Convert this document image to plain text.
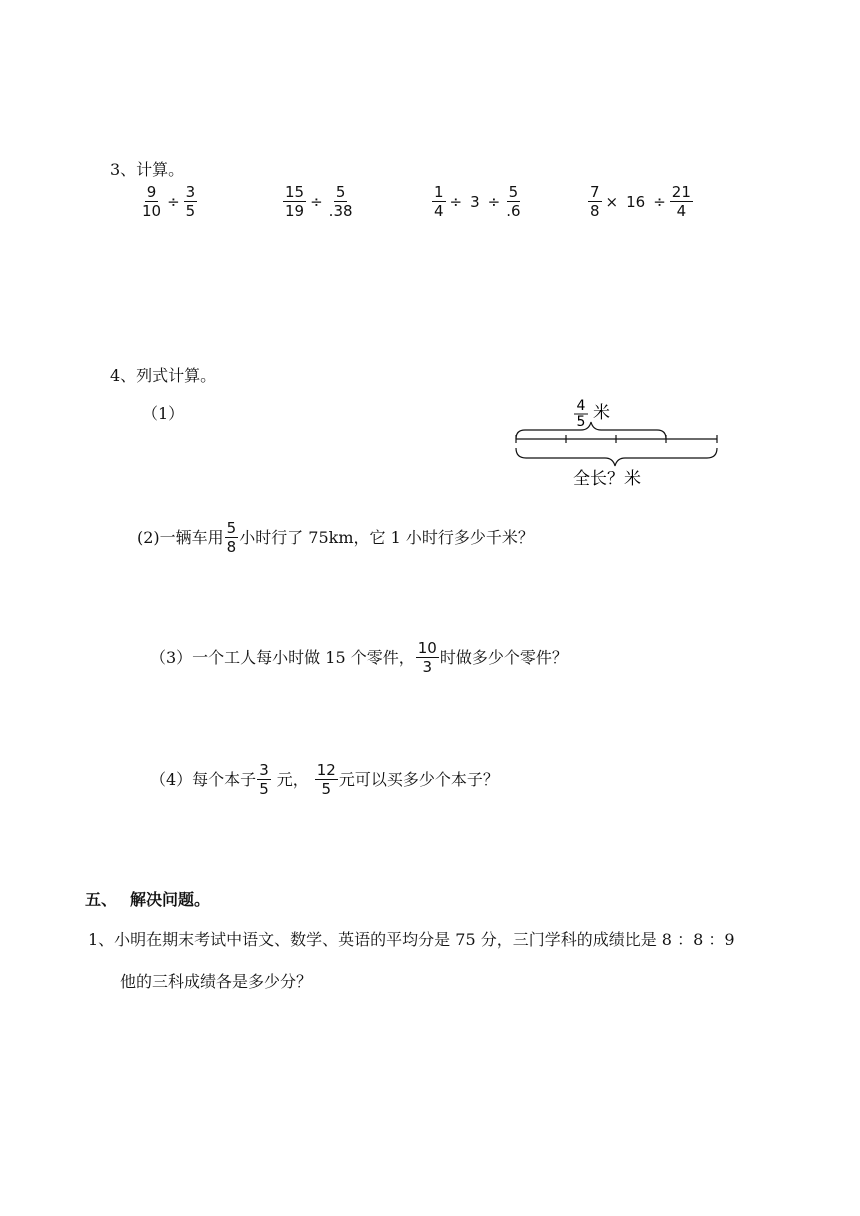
3、计算。
$\frac{9}{10} \div \frac{3}{5}$	$\frac{15}{19} \div \frac{5}{.38}$	$\frac{1}{4} \div 3 \div \frac{5}{.6}$	$\frac{7}{8} \times 16 \div \frac{21}{4}$
4、列式计算。
（1）	4
5 米
全长？米
(2)一辆车用 $\frac{5}{8}$ 小时行了 75km，它 1 小时行多少千米？
（3）一个工人每小时做 15 个零件， $\frac{10}{3}$ 时做多少个零件？
（4）每个本子 $\frac{3}{5}$ 元， $\frac{12}{5}$ 元可以买多少个本子？
五、 解决问题。
1、小明在期末考试中语文、数学、英语的平均分是 75 分，三门学科的成绩比是 8 ：8 ：9
他的三科成绩各是多少分？
